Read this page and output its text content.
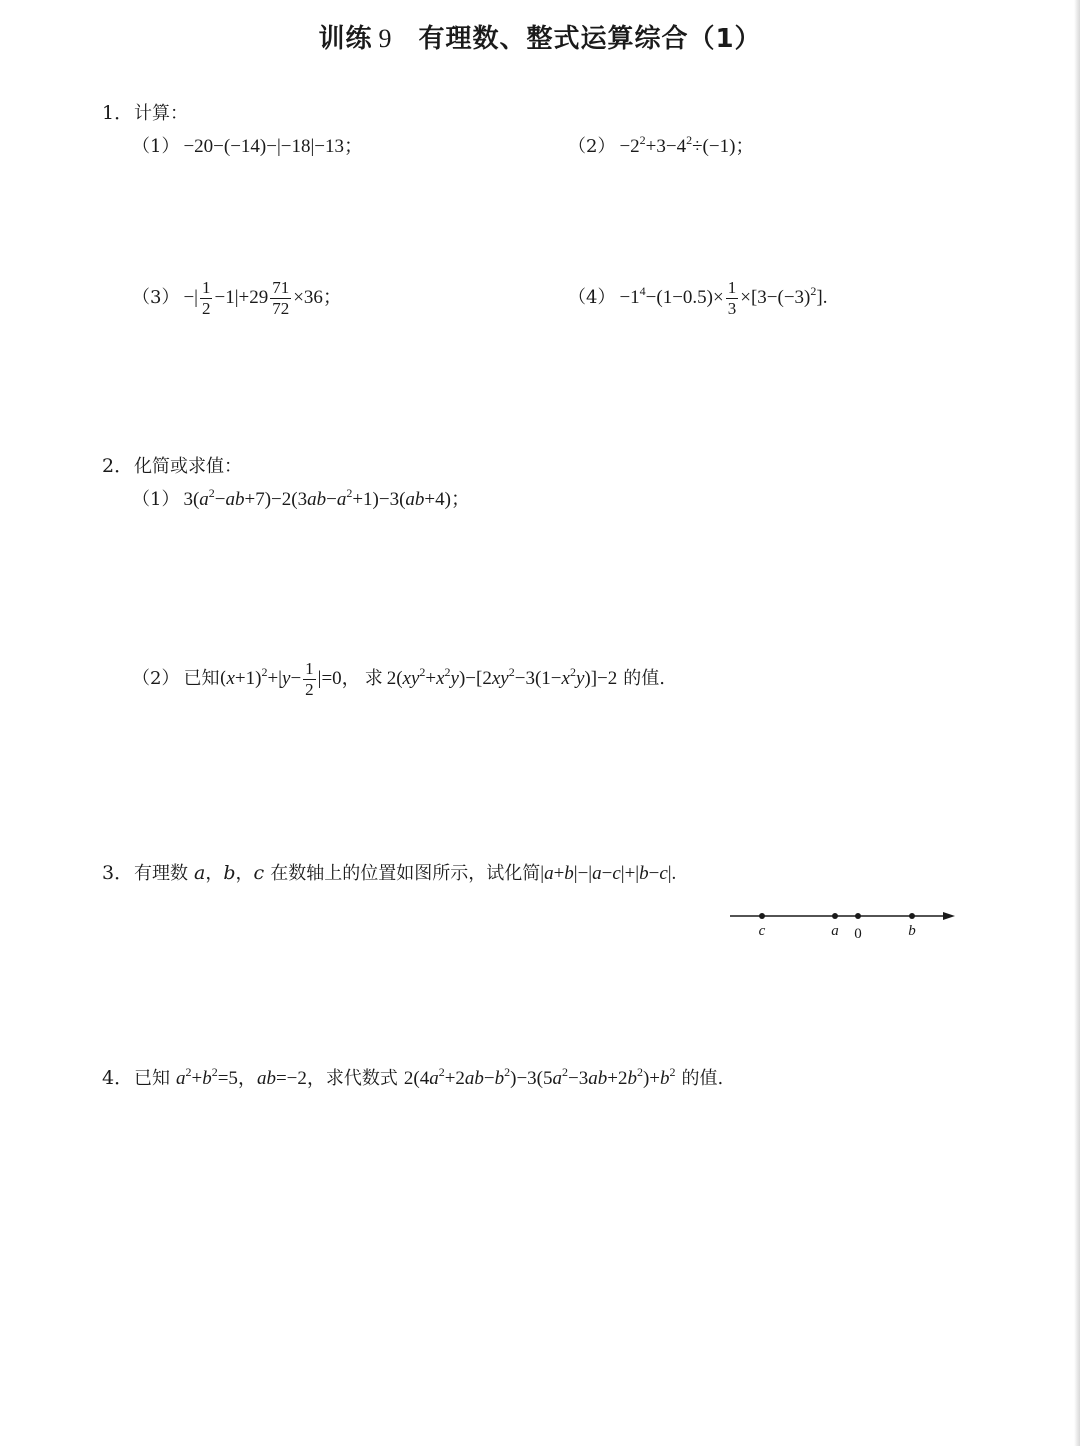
训练 9 有理数、整式运算综合（1）
1．计算：
（1） −20−(−14)−|−18|−13；	$(2) -2^2+3-4^2\div(-1)$；
（3） −| $\frac{1}{2} -1|+29 \frac{71}{72} \times 36$；	$(4) -1^4-(1-0.5)\times \frac{1}{3} \times[3-(-3)^2]$.
2．化简或求值：
（1） $3(a^2-ab+7)-2(3ab-a^2+1)-3(ab+4)$；
（2） 已知$(x+1)^2+|y- \frac{1}{2} |=0$， 求 $2(xy^2+x^2y)-[2xy^2-3(1-x^2y)]-2$ 的值.
3．有理数 a，b，c 在数轴上的位置如图所示，试化简|a+b|−|a−c|+|b−c|.
c	a 0	b
4．已知 $a^2+b^2=5$，ab=−2，求代数式 $2(4a^2+2ab-b^2)-3(5a^2-3ab+2b^2)+b^2$ 的值.
